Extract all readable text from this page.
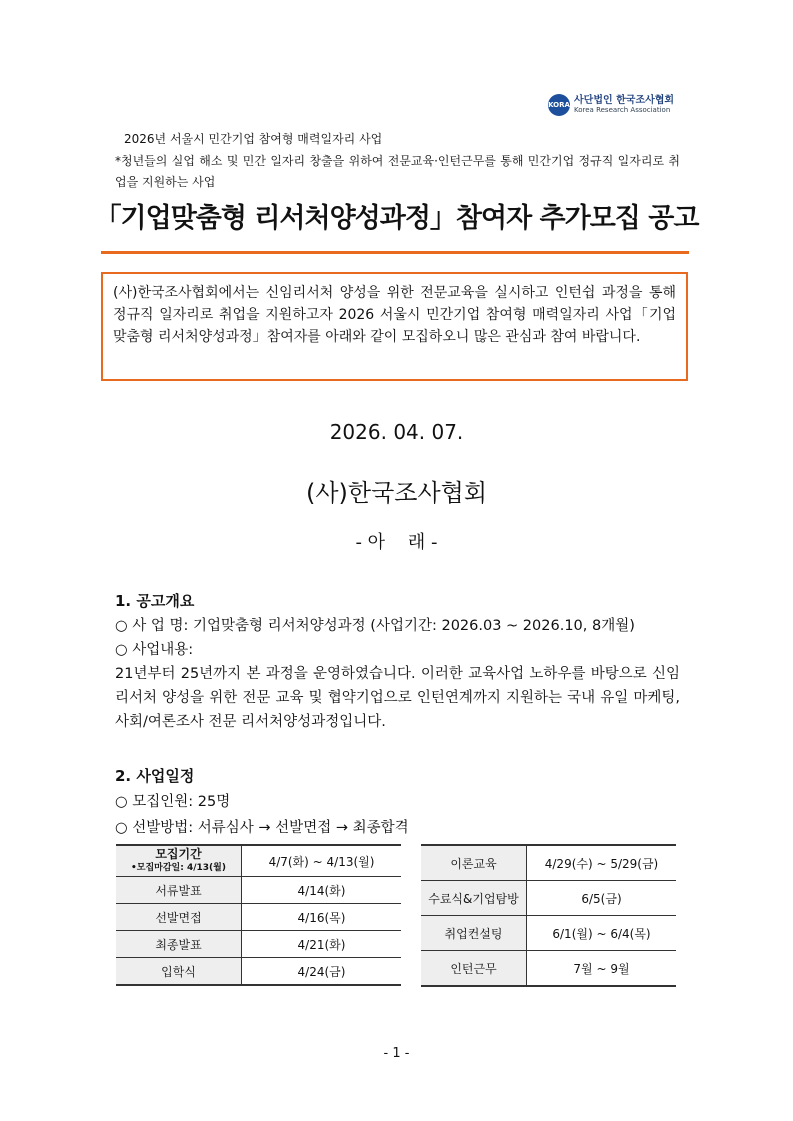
KORA 사단법인 한국조사협회
Korea Research Association
2026년 서울시 민간기업 참여형 매력일자리 사업
*청년들의 실업 해소 및 민간 일자리 창출을 위하여 전문교육·인턴근무를 통해 민간기업 정규직 일자리로 취업을 지원하는 사업
「기업맞춤형 리서처양성과정」참여자 추가모집 공고
(사)한국조사협회에서는 신임리서처 양성을 위한 전문교육을 실시하고 인턴쉽 과정을 통해 정규직 일자리로 취업을 지원하고자 2026 서울시 민간기업 참여형 매력일자리 사업「기업맞춤형 리서처양성과정」참여자를 아래와 같이 모집하오니 많은 관심과 참여 바랍니다.
2026. 04. 07.
(사)한국조사협회
- 아    래 -
1. 공고개요
○ 사 업 명: 기업맞춤형 리서처양성과정 (사업기간: 2026.03 ~ 2026.10, 8개월)
○ 사업내용:
21년부터 25년까지 본 과정을 운영하였습니다. 이러한 교육사업 노하우를 바탕으로 신임리서처 양성을 위한 전문 교육 및 협약기업으로 인턴연계까지 지원하는 국내 유일 마케팅, 사회/여론조사 전문 리서처양성과정입니다.
2. 사업일정
○ 모집인원: 25명
○ 선발방법: 서류심사 → 선발면접 → 최종합격
모집기간
•모집마감일: 4/13(월)	4/7(화) ~ 4/13(월)
서류발표	4/14(화)
선발면접	4/16(목)
최종발표	4/21(화)
입학식	4/24(금)
이론교육	4/29(수) ~ 5/29(금)
수료식&기업탐방	6/5(금)
취업컨설팅	6/1(월) ~ 6/4(목)
인턴근무	7월 ~ 9월
- 1 -
